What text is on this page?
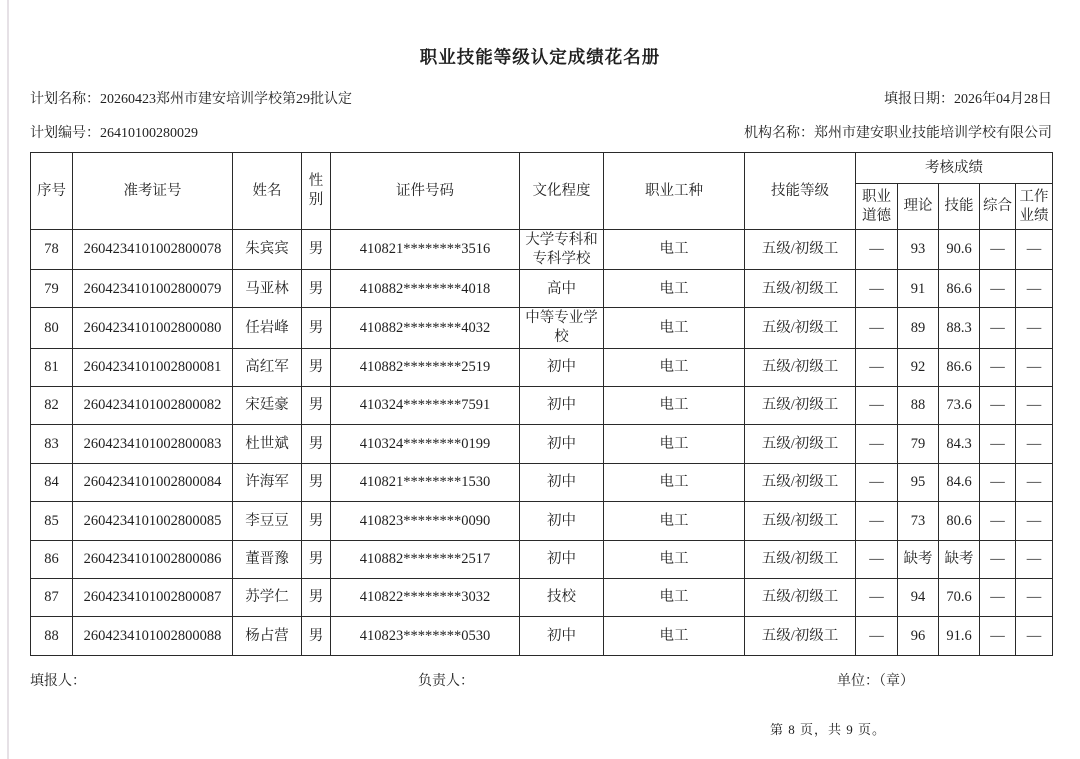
职业技能等级认定成绩花名册
计划名称：20260423郑州市建安培训学校第29批认定	填报日期：2026年04月28日
计划编号：26410100280029	机构名称：郑州市建安职业技能培训学校有限公司
序号	准考证号	姓名	性别	证件号码	文化程度	职业工种	技能等级	考核成绩				
								职业道德	理论	技能	综合	工作业绩
78	2604234101002800078	朱宾宾	男	410821********3516	大学专科和专科学校	电工	五级/初级工	—	93	90.6	—	—
79	2604234101002800079	马亚林	男	410882********4018	高中	电工	五级/初级工	—	91	86.6	—	—
80	2604234101002800080	任岩峰	男	410882********4032	中等专业学校	电工	五级/初级工	—	89	88.3	—	—
81	2604234101002800081	高红军	男	410882********2519	初中	电工	五级/初级工	—	92	86.6	—	—
82	2604234101002800082	宋廷豪	男	410324********7591	初中	电工	五级/初级工	—	88	73.6	—	—
83	2604234101002800083	杜世斌	男	410324********0199	初中	电工	五级/初级工	—	79	84.3	—	—
84	2604234101002800084	许海军	男	410821********1530	初中	电工	五级/初级工	—	95	84.6	—	—
85	2604234101002800085	李豆豆	男	410823********0090	初中	电工	五级/初级工	—	73	80.6	—	—
86	2604234101002800086	董晋豫	男	410882********2517	初中	电工	五级/初级工	—	缺考	缺考	—	—
87	2604234101002800087	苏学仁	男	410822********3032	技校	电工	五级/初级工	—	94	70.6	—	—
88	2604234101002800088	杨占营	男	410823********0530	初中	电工	五级/初级工	—	96	91.6	—	—
填报人：	负责人：	单位：（章）
第 8 页，共 9 页。
